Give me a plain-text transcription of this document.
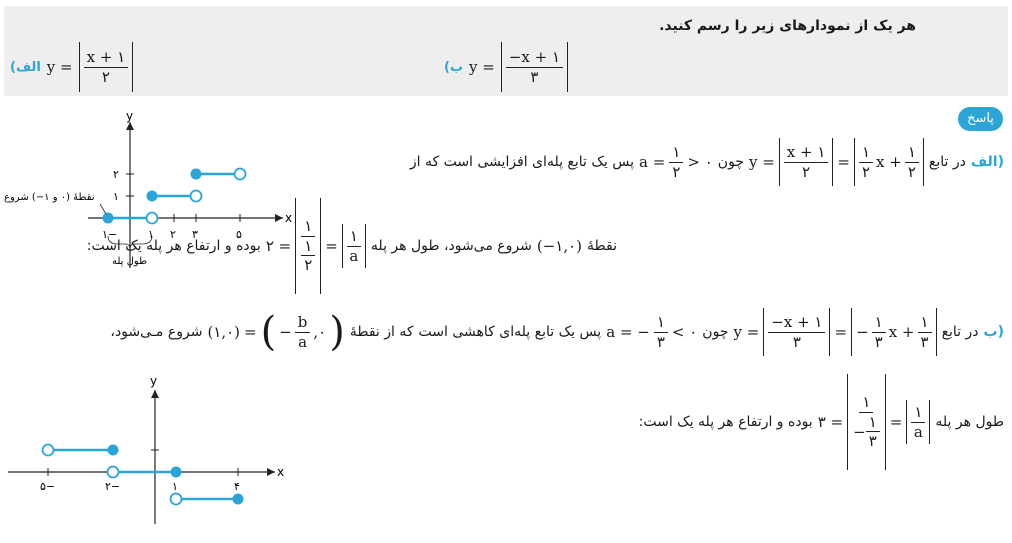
هر یک از نمودارهای زیر را رسم کنید.
(الف $y = \frac{x + ۱}{۲}$	(ب $y = \frac{-x + ۱}{۳}$
پاسخ
(الف
در تابع
$y = \frac{x + ۱}{۲} = \frac{۱}{۲}$ $x + \frac{۱}{۲}$
چون
$a = \frac{۱}{۲}$ > ۰
پس یک تابع پله‌ای افزایشی است که از
نقطهٔ
(−۱,۰)
شروع می‌شود، طول هر پله
۲ = $\frac{۱}{\frac{۱}{۲}} = \frac{۱}{a}$
بوده و ارتفاع هر پله یک است:
x
y
۱−	۱ ۲ ۳	۵
۱
۲
نقطهٔ (۰ و ۱−) شروع
طول پله
(ب
در تابع
$y = \frac{-x + ۱}{۳}$ = − $\frac{۱}{۳}$ $x + \frac{۱}{۳}$
چون
a = − $\frac{۱}{۳}$ < ۰
پس یک تابع پله‌ای کاهشی است
که از نقطهٔ
(۱,۰) = ( − $\frac{b}{a}$ ,۰ )
شروع مـی‌شود،
طول هر پله
۳ = $\frac{۱}{- \frac{۱}{۳}} = \frac{۱}{a}$
بوده و ارتفاع هر پله یک است:
x
y
۵−	۲−	۱	۴
